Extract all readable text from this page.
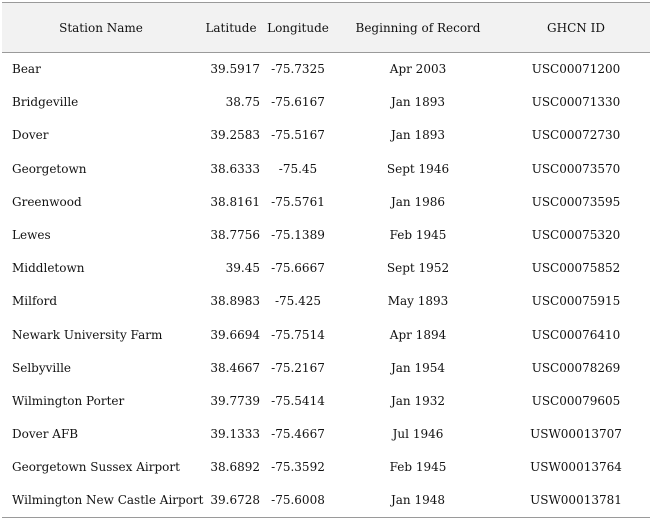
Station Name	Latitude	Longitude	Beginning of Record	GHCN ID
Bear	39.5917	-75.7325	Apr 2003	USC00071200
Bridgeville	38.75	-75.6167	Jan 1893	USC00071330
Dover	39.2583	-75.5167	Jan 1893	USC00072730
Georgetown	38.6333	-75.45	Sept 1946	USC00073570
Greenwood	38.8161	-75.5761	Jan 1986	USC00073595
Lewes	38.7756	-75.1389	Feb 1945	USC00075320
Middletown	39.45	-75.6667	Sept 1952	USC00075852
Milford	38.8983	-75.425	May 1893	USC00075915
Newark University Farm	39.6694	-75.7514	Apr 1894	USC00076410
Selbyville	38.4667	-75.2167	Jan 1954	USC00078269
Wilmington Porter	39.7739	-75.5414	Jan 1932	USC00079605
Dover AFB	39.1333	-75.4667	Jul 1946	USW00013707
Georgetown Sussex Airport	38.6892	-75.3592	Feb 1945	USW00013764
Wilmington New Castle Airport	39.6728	-75.6008	Jan 1948	USW00013781
